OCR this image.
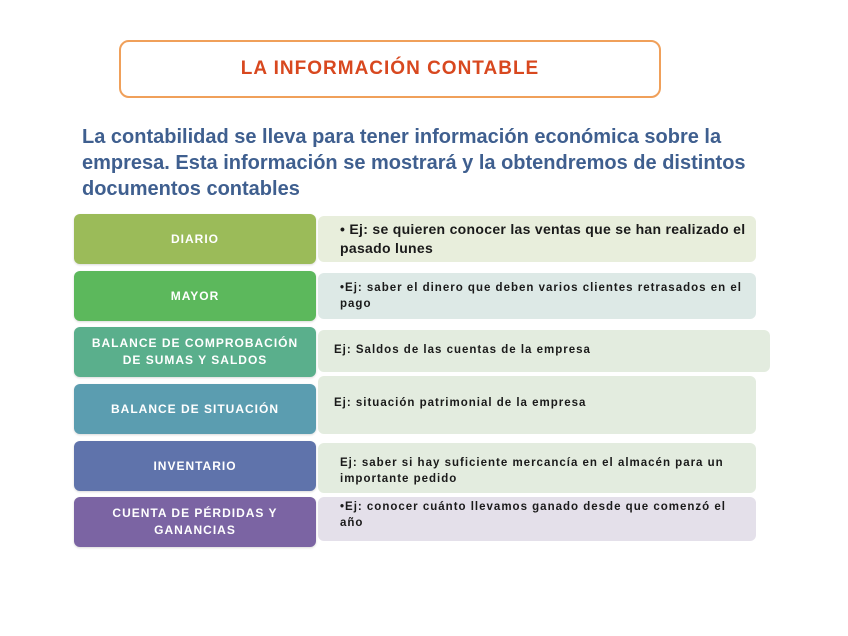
LA INFORMACIÓN CONTABLE
La contabilidad se lleva para tener información económica sobre la empresa. Esta información se mostrará y la obtendremos de distintos documentos contables
DIARIO
• Ej: se quieren conocer las ventas que se han realizado el pasado lunes
MAYOR
•Ej: saber el dinero que deben varios clientes retrasados en el pago
BALANCE DE COMPROBACIÓN DE SUMAS Y SALDOS
Ej: Saldos de las cuentas de la empresa
BALANCE DE SITUACIÓN	Ej: situación patrimonial de la empresa
INVENTARIO	Ej: saber si hay suficiente mercancía en el almacén para un importante pedido
CUENTA DE PÉRDIDAS Y GANANCIAS
•Ej: conocer cuánto llevamos ganado desde que comenzó el año
